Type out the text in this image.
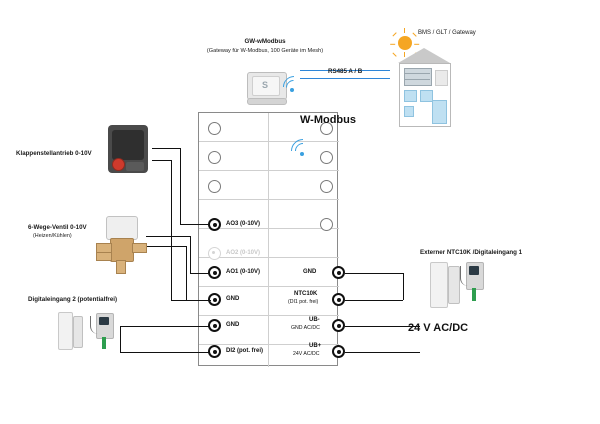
AO3 (0-10V)
AO2 (0-10V)
AO1 (0-10V)
GND
GND
DI2 (pot. frei)
GND
NTC10K
(DI1 pot. frei)
UB-
GND AC/DC
UB+
24V AC/DC
W-Modbus
S
GW-wModbus
(Gateway für W-Modbus, 100 Geräte im Mesh)
RS485 A / B
BMS / GLT / Gateway
Klappenstellantrieb 0-10V
6-Wege-Ventil 0-10V
(Heizen/Kühlen)
Digitaleingang 2 (potentialfrei)
Externer NTC10K /Digitaleingang 1
24 V AC/DC
